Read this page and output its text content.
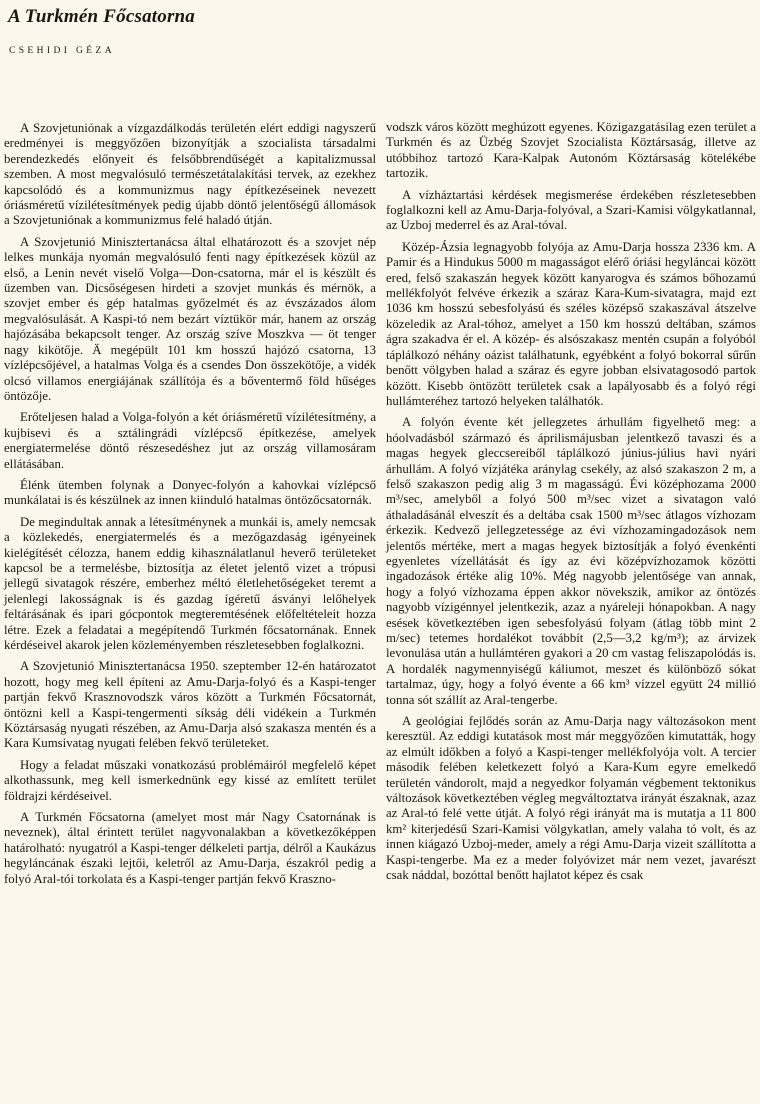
A Turkmén Főcsatorna
CSEHIDI GÉZA

A Szovjetuniónak a vízgazdálkodás területén elért eddigi nagyszerű eredményei is meggyőzően bizonyítják a szocialista társadalmi berendezkedés előnyeit és felsőbbrendűségét a kapitalizmussal szemben. A most megvalósuló természetátalakítási tervek, az ezekhez kapcsolódó és a kommunizmus nagy építkezéseinek nevezett óriásméretű vízilétesítmények pedig újabb döntő jelentőségű állomások a Szovjetuniónak a kommunizmus felé haladó útján.

A Szovjetunió Minisztertanácsa által elhatározott és a szovjet nép lelkes munkája nyomán megvalósuló fenti nagy építkezések közül az első, a Lenin nevét viselő Volga—Don-csatorna, már el is készült és üzemben van. Dicsőségesen hirdeti a szovjet munkás és mérnök, a szovjet ember és gép hatalmas győzelmét és az évszázados álom megvalósulását. A Kaspi-tó nem bezárt víztükör már, hanem az ország hajózásába bekapcsolt tenger. Az ország szíve Moszkva — öt tenger nagy kikötője. Ä megépült 101 km hosszú hajózó csatorna, 13 vízlépcsőjével, a hatalmas Volga és a csendes Don összekötője, a vidék olcsó villamos energiájának szállítója és a bőventermő föld hűséges öntözője.

Erőteljesen halad a Volga-folyón a két óriásméretű vízilétesítmény, a kujbisevi és a sztálingrádi vízlépcső építkezése, amelyek energiatermelése döntő részesedéshez jut az ország villamosáram ellátásában.

Élénk ütemben folynak a Donyec-folyón a kahovkai vízlépcső munkálatai is és készülnek az innen kiinduló hatalmas öntözőcsatornák.

De megindultak annak a létesítménynek a munkái is, amely nemcsak a közlekedés, energiatermelés és a mezőgazdaság igényeinek kielégítését célozza, hanem eddig kihasználatlanul heverő területeket kapcsol be a termelésbe, biztosítja az életet jelentő vizet a trópusi jellegű sivatagok részére, emberhez méltó életlehetőségeket teremt a jelenlegi lakosságnak is és gazdag ígéretű ásványi lelőhelyek feltárásának és ipari gócpontok megteremtésének előfeltételeit hozza létre. Ezek a feladatai a megépítendő Turkmén főcsatornának. Ennek kérdéseivel akarok jelen közleményemben részletesebben foglalkozni.

A Szovjetunió Minisztertanácsa 1950. szeptember 12-én határozatot hozott, hogy meg kell építeni az Amu-Darja-folyó és a Kaspi-tenger partján fekvő Krasznovodszk város között a Turkmén Főcsatornát, öntözni kell a Kaspi-tengermenti síkság déli vidékein a Turkmén Köztársaság nyugati részében, az Amu-Darja alsó szakasza mentén és a Kara Kumsivatag nyugati felében fekvő területeket.

Hogy a feladat műszaki vonatkozású problémáiról megfelelő képet alkothassunk, meg kell ismerkednünk egy kissé az említett terület földrajzi kérdéseivel.

A Turkmén Főcsatorna (amelyet most már Nagy Csatornának is neveznek), által érintett terület nagyvonalakban a következőképpen határolható: nyugatról a Kaspi-tenger délkeleti partja, délről a Kaukázus hegyláncának északi lejtői, keletről az Amu-Darja, északról pedig a folyó Aral-tói torkolata és a Kaspi-tenger partján fekvő Kraszno-

vodszk város között meghúzott egyenes. Közigazgatásilag ezen terület a Turkmén és az Üzbég Szovjet Szocialista Köztársaság, illetve az utóbbihoz tartozó Kara-Kalpak Autonóm Köztársaság kötelékébe tartozik.

A vízháztartási kérdések megismerése érdekében részletesebben foglalkozni kell az Amu-Darja-folyóval, a Szari-Kamisi völgykatlannal, az Uzboj mederrel és az Aral-tóval.

Közép-Ázsia legnagyobb folyója az Amu-Darja hossza 2336 km. A Pamir és a Hindukus 5000 m magasságot elérő óriási hegyláncai között ered, felső szakaszán hegyek között kanyarogva és számos bőhozamú mellékfolyót felvéve érkezik a száraz Kara-Kum-sivatagra, majd ezt 1036 km hosszú sebesfolyású és széles középső szakaszával átszelve közeledik az Aral-tóhoz, amelyet a 150 km hosszú deltában, számos ágra szakadva ér el. A közép- és alsószakasz mentén csupán a folyóból táplálkozó néhány oázist találhatunk, egyébként a folyó bokorral sűrűn benőtt völgyben halad a száraz és egyre jobban elsivatagosodó partok között. Kisebb öntözött területek csak a lapályosabb és a folyó régi hullámteréhez tartozó helyeken találhatók.

A folyón évente két jellegzetes árhullám figyelhető meg: a hóolvadásból származó és áprilismájusban jelentkező tavaszi és a magas hegyek gleccsereiből táplálkozó június-július havi nyári árhullám. A folyó vízjátéka aránylag csekély, az alsó szakaszon 2 m, a felső szakaszon pedig alig 3 m magasságú. Évi középhozama 2000 m³/sec, amelyből a folyó 500 m³/sec vizet a sivatagon való áthaladásánál elveszít és a deltába csak 1500 m³/sec átlagos vízhozam érkezik. Kedvező jellegzetessége az évi vízhozamingadozások nem jelentős mértéke, mert a magas hegyek biztosítják a folyó évenkénti egyenletes vízellátását és így az évi középvízhozamok közötti ingadozások értéke alig 10%. Még nagyobb jelentősége van annak, hogy a folyó vízhozama éppen akkor növekszik, amikor az öntözés nagyobb vízigénnyel jelentkezik, azaz a nyáreleji hónapokban. A nagy esések következtében igen sebesfolyású folyam (átlag több mint 2 m/sec) tetemes hordalékot továbbít (2,5—3,2 kg/m³); az árvizek levonulása után a hullámtéren gyakori a 20 cm vastag feliszapolódás is. A hordalék nagymennyiségű káliumot, meszet és különböző sókat tartalmaz, úgy, hogy a folyó évente a 66 km³ vízzel együtt 24 millió tonna sót szállít az Aral-tengerbe.

A geológiai fejlődés során az Amu-Darja nagy változásokon ment keresztül. Az eddigi kutatások most már meggyőzően kimutatták, hogy az elmúlt időkben a folyó a Kaspi-tenger mellékfolyója volt. A tercier második felében keletkezett folyó a Kara-Kum egyre emelkedő területén vándorolt, majd a negyedkor folyamán végbement tektonikus változások következtében végleg megváltoztatva irányát északnak, azaz az Aral-tó felé vette útját. A folyó régi irányát ma is mutatja a 11 800 km² kiterjedésű Szari-Kamisi völgykatlan, amely valaha tó volt, és az innen kiágazó Uzboj-meder, amely a régi Amu-Darja vizeit szállította a Kaspi-tengerbe. Ma ez a meder folyóvizet már nem vezet, javarészt csak náddal, bozóttal benőtt hajlatot képez és csak
